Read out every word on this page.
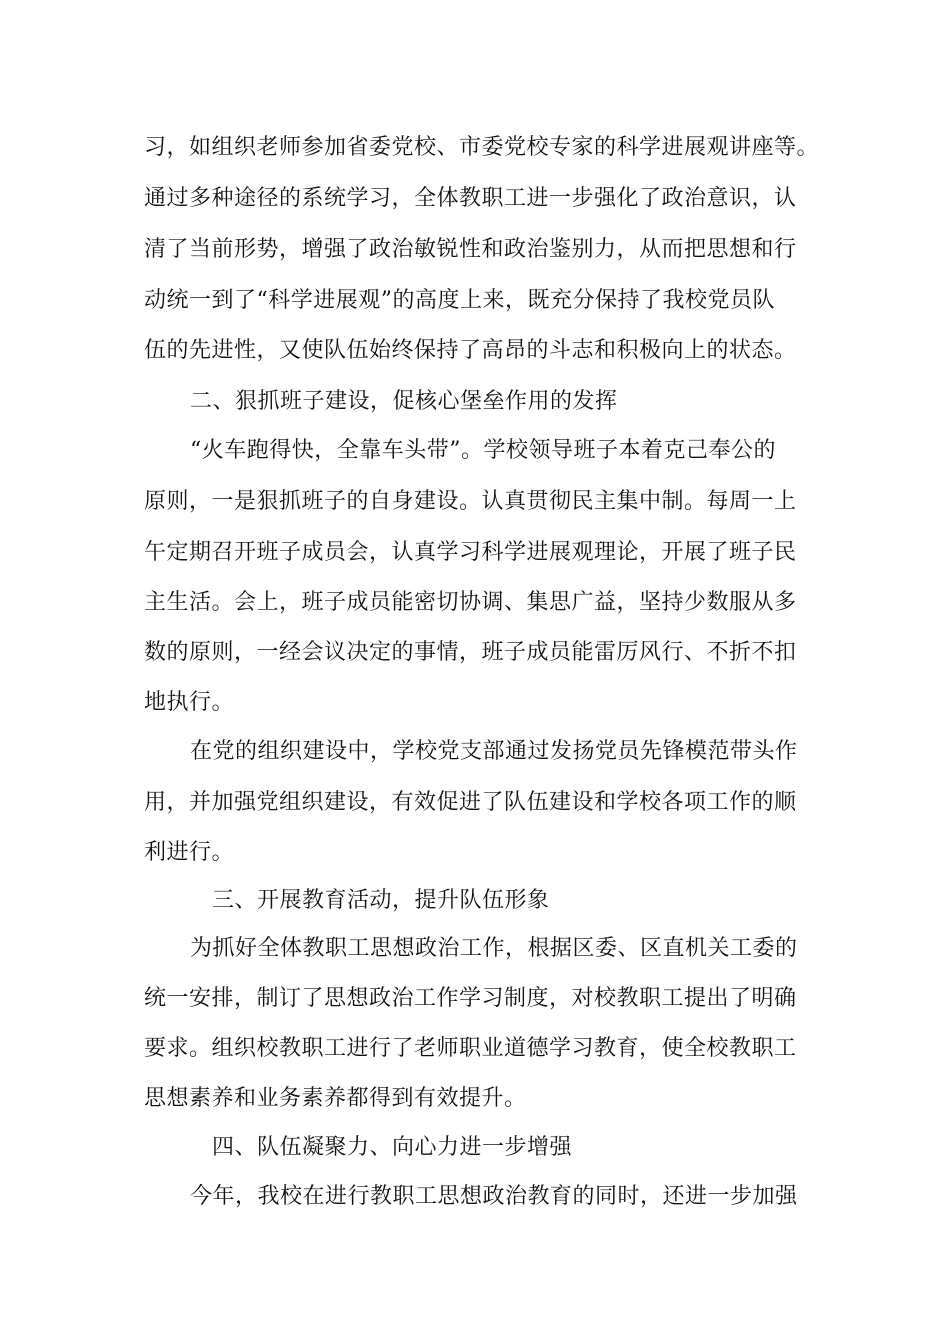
习，如组织老师参加省委党校、市委党校专家的科学进展观讲座等。
通过多种途径的系统学习，全体教职工进一步强化了政治意识，认
清了当前形势，增强了政治敏锐性和政治鉴别力，从而把思想和行
动统一到了“科学进展观”的高度上来，既充分保持了我校党员队
伍的先进性，又使队伍始终保持了高昂的斗志和积极向上的状态。
二、狠抓班子建设，促核心堡垒作用的发挥
“火车跑得快，全靠车头带”。学校领导班子本着克己奉公的
原则，一是狠抓班子的自身建设。认真贯彻民主集中制。每周一上
午定期召开班子成员会，认真学习科学进展观理论，开展了班子民
主生活。会上，班子成员能密切协调、集思广益，坚持少数服从多
数的原则，一经会议决定的事情，班子成员能雷厉风行、不折不扣
地执行。
在党的组织建设中，学校党支部通过发扬党员先锋模范带头作
用，并加强党组织建设，有效促进了队伍建设和学校各项工作的顺
利进行。
三、开展教育活动，提升队伍形象
为抓好全体教职工思想政治工作，根据区委、区直机关工委的
统一安排，制订了思想政治工作学习制度，对校教职工提出了明确
要求。组织校教职工进行了老师职业道德学习教育，使全校教职工
思想素养和业务素养都得到有效提升。
四、队伍凝聚力、向心力进一步增强
今年，我校在进行教职工思想政治教育的同时，还进一步加强
